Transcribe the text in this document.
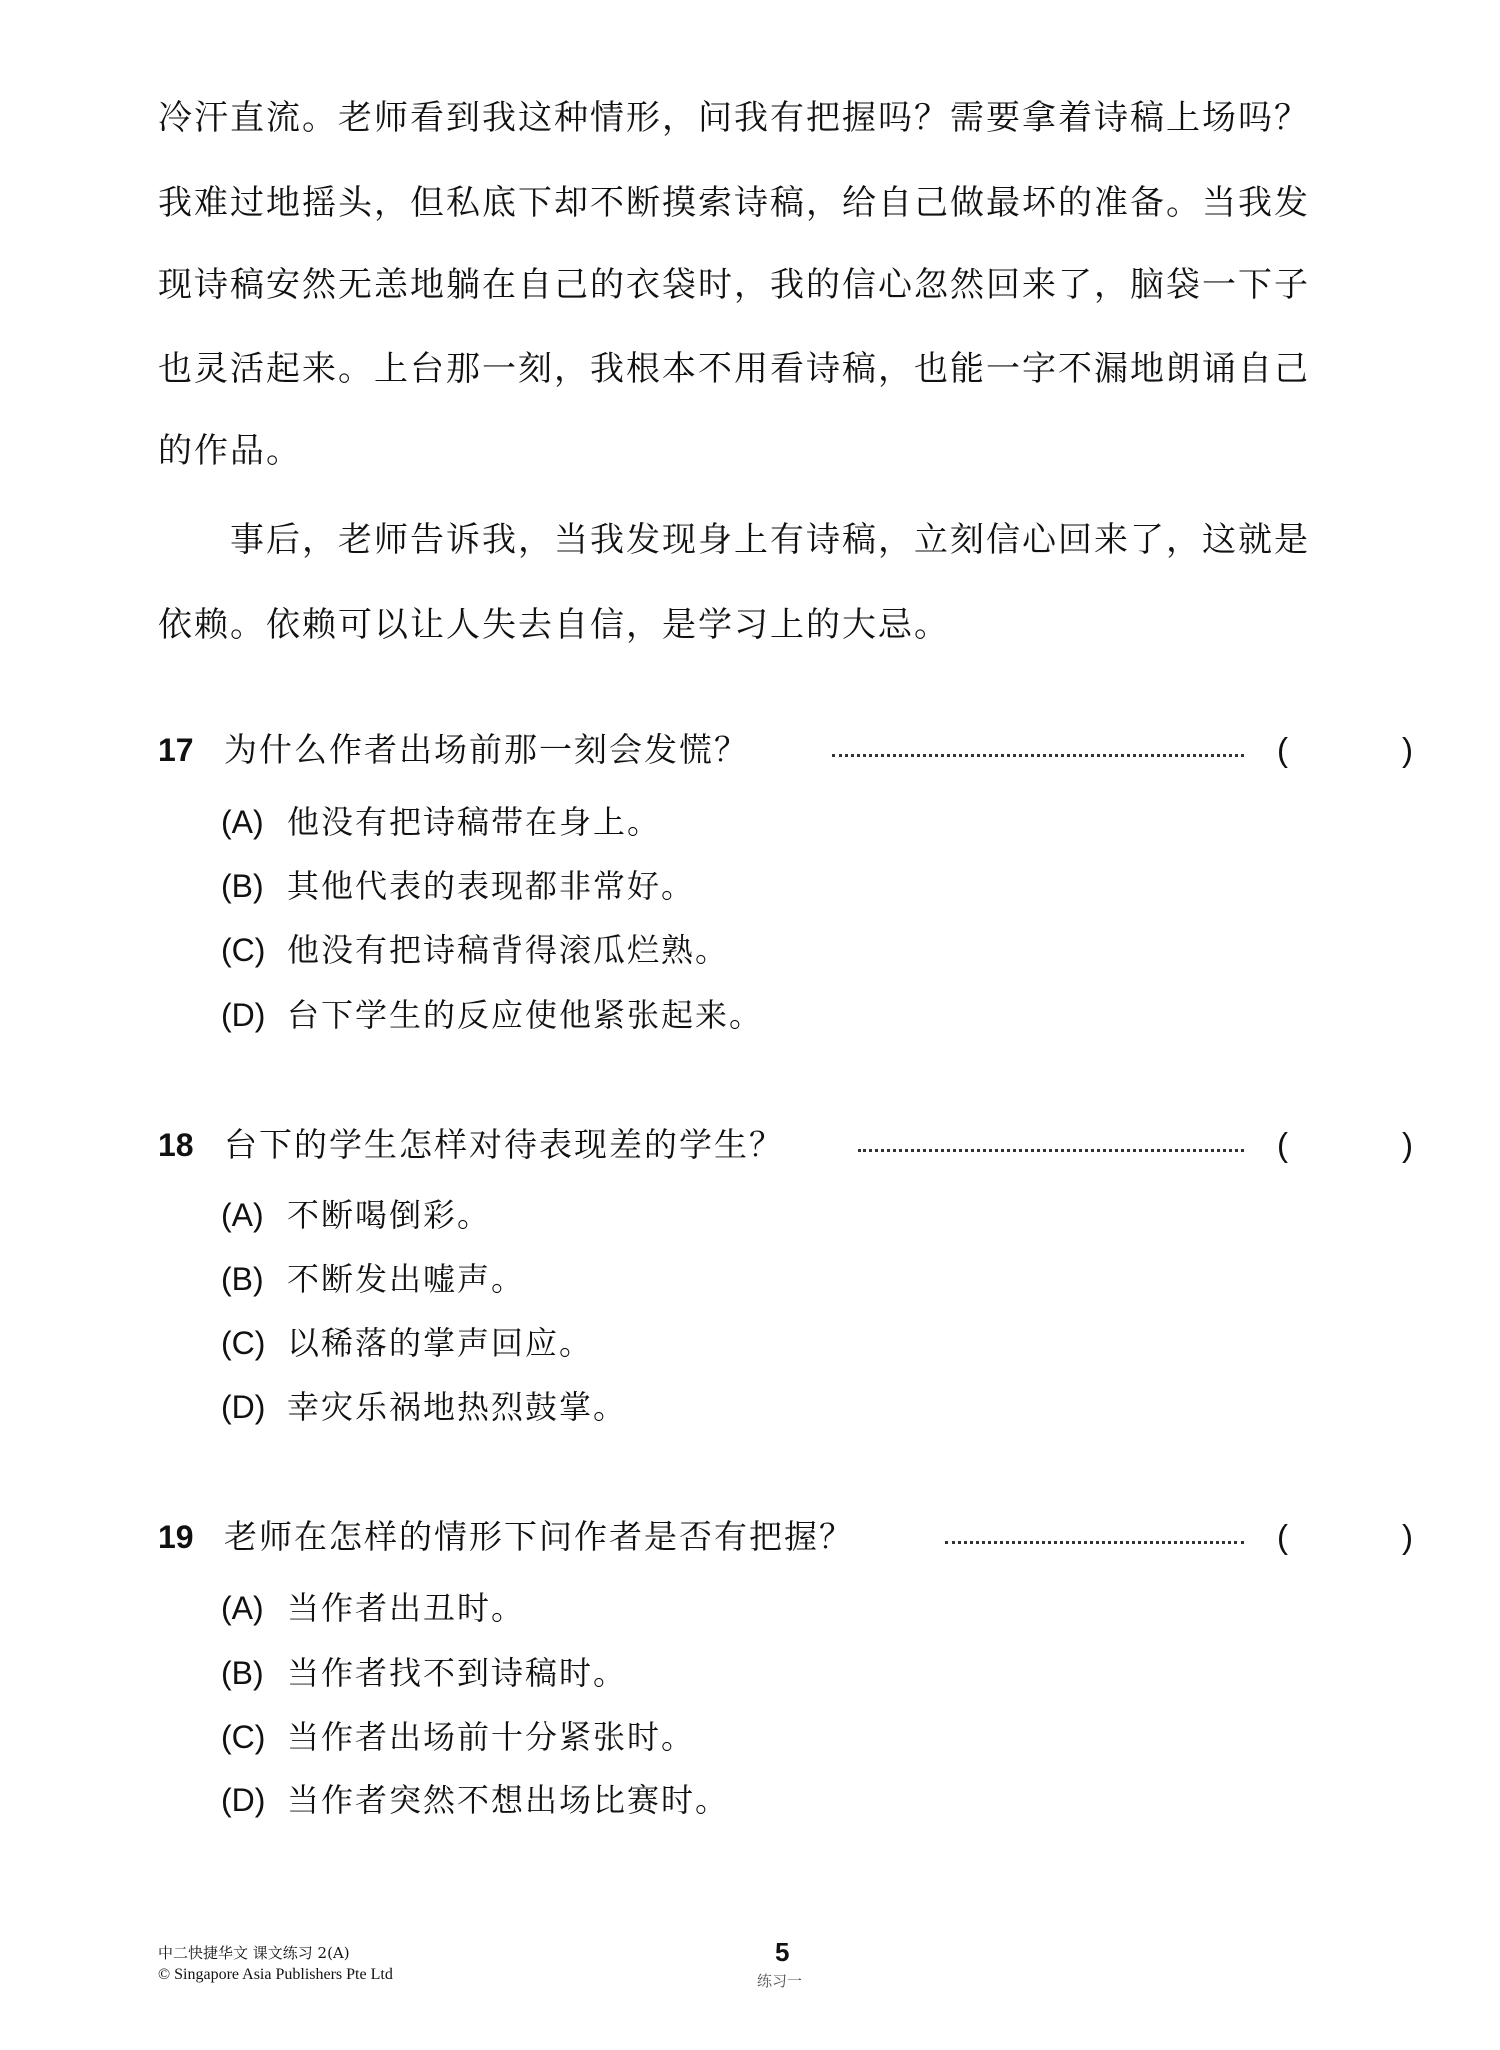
冷汗直流。老师看到我这种情形，问我有把握吗？需要拿着诗稿上场吗？
我难过地摇头，但私底下却不断摸索诗稿，给自己做最坏的准备。当我发
现诗稿安然无恙地躺在自己的衣袋时，我的信心忽然回来了，脑袋一下子
也灵活起来。上台那一刻，我根本不用看诗稿，也能一字不漏地朗诵自己
的作品。
　　事后，老师告诉我，当我发现身上有诗稿，立刻信心回来了，这就是
依赖。依赖可以让人失去自信，是学习上的大忌。
17 为什么作者出场前那一刻会发慌？	(	)
(A) 他没有把诗稿带在身上。
(B) 其他代表的表现都非常好。
(C) 他没有把诗稿背得滚瓜烂熟。
(D) 台下学生的反应使他紧张起来。
18 台下的学生怎样对待表现差的学生？	(	)
(A) 不断喝倒彩。
(B) 不断发出嘘声。
(C) 以稀落的掌声回应。
(D) 幸灾乐祸地热烈鼓掌。
19 老师在怎样的情形下问作者是否有把握？	(	)
(A) 当作者出丑时。
(B) 当作者找不到诗稿时。
(C) 当作者出场前十分紧张时。
(D) 当作者突然不想出场比赛时。
中二快捷华文 课文练习 2(A)
© Singapore Asia Publishers Pte Ltd
5
练习一
